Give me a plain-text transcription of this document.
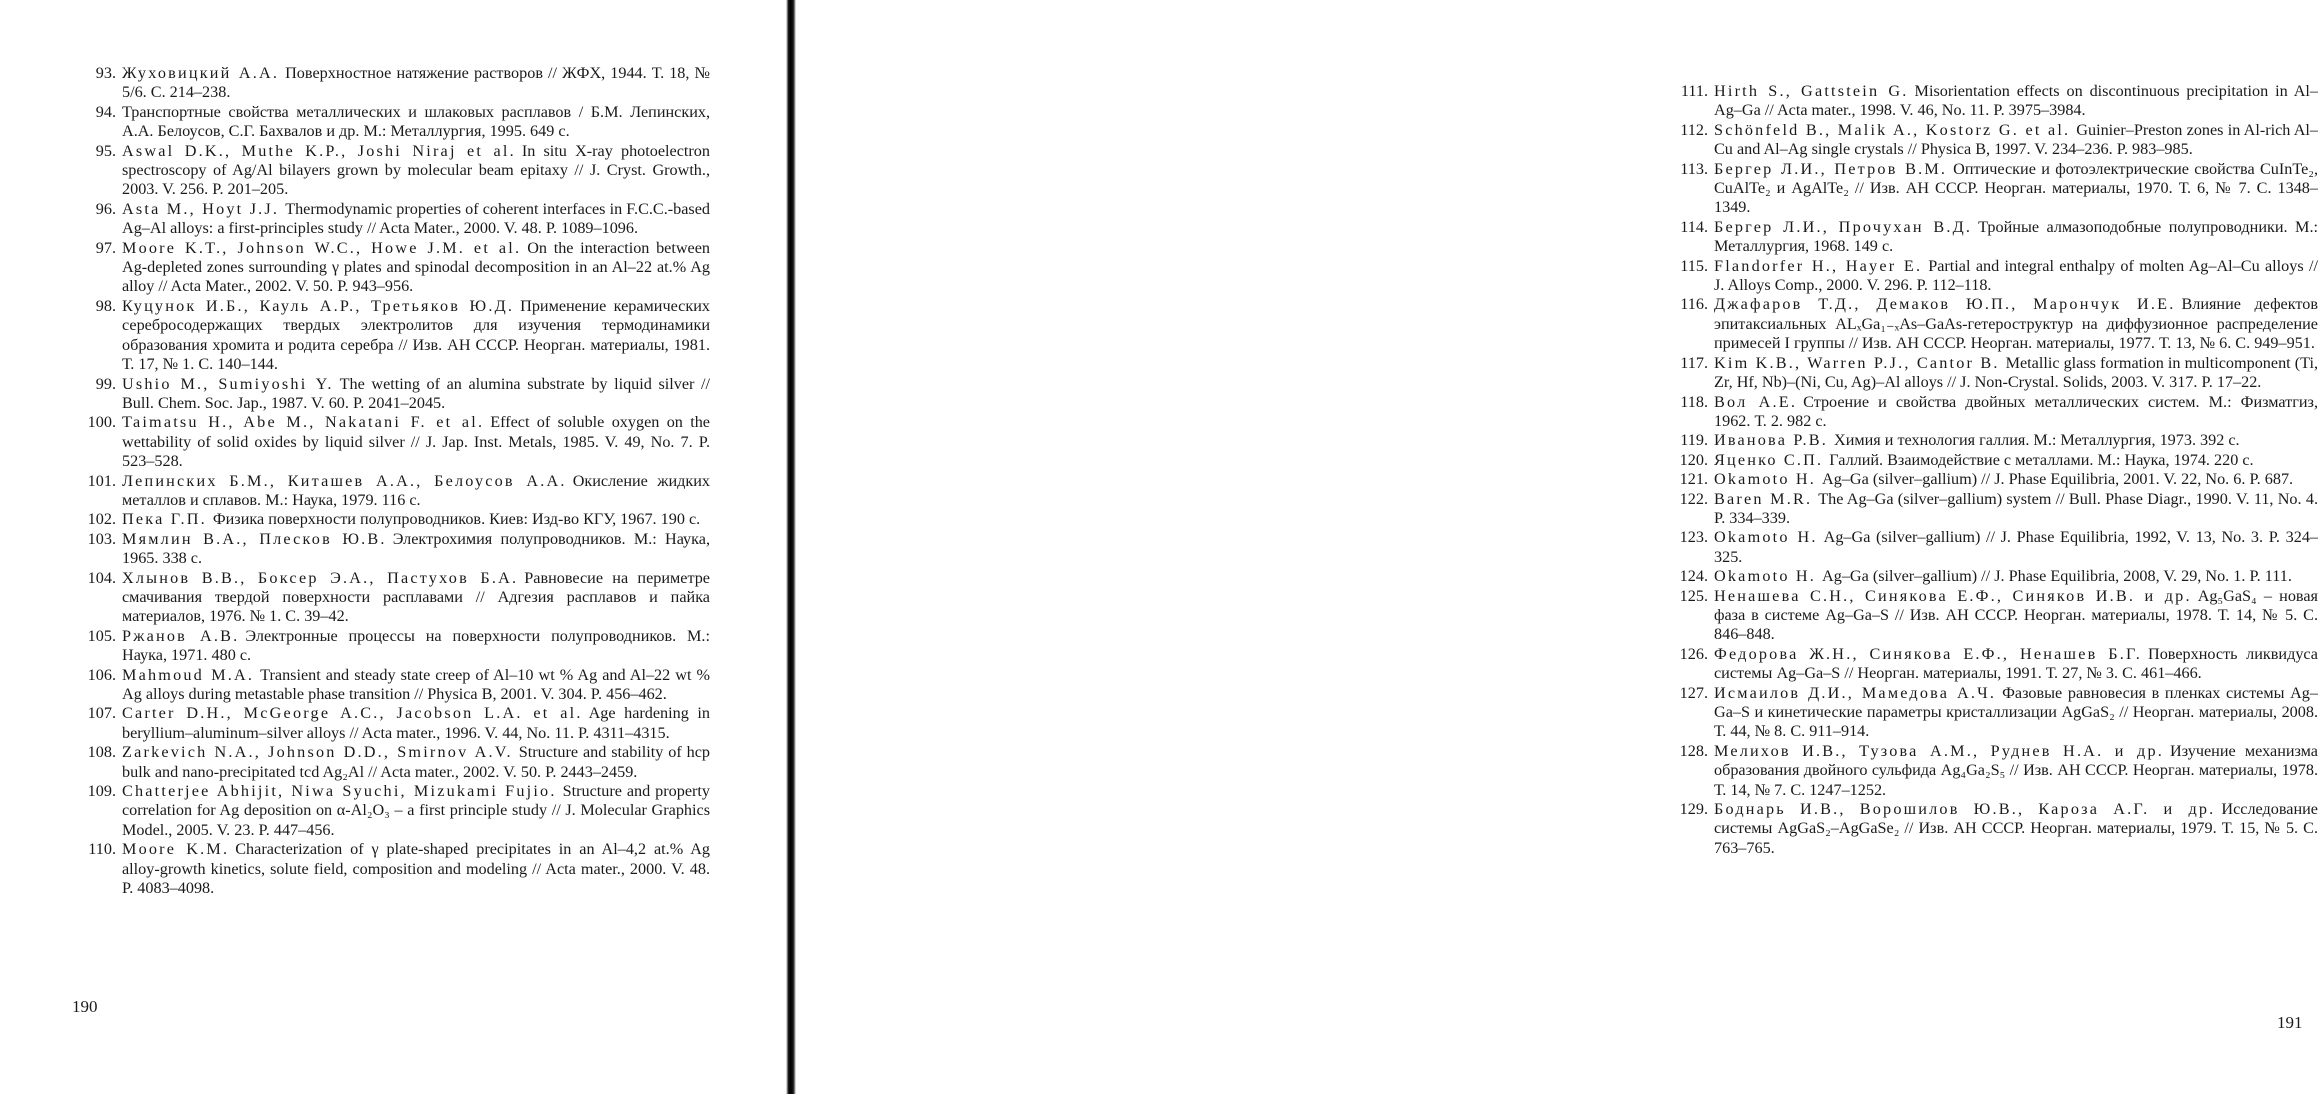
93. Жуховицкий А.А. Поверхностное натяжение растворов // ЖФХ, 1944. Т. 18, № 5/6. С. 214–238.
94. Транспортные свойства металлических и шлаковых расплавов / Б.М. Лепинских, А.А. Белоусов, С.Г. Бахвалов и др. М.: Металлургия, 1995. 649 с.
95. Aswal D.K., Muthe K.P., Joshi Niraj et al. In situ X-ray photoelectron spectroscopy of Ag/Al bilayers grown by molecular beam epitaxy // J. Cryst. Growth., 2003. V. 256. P. 201–205.
96. Asta M., Hoyt J.J. Thermodynamic properties of coherent interfaces in F.C.C.-based Ag–Al alloys: a first-principles study // Acta Mater., 2000. V. 48. P. 1089–1096.
97. Moore K.T., Johnson W.C., Howe J.M. et al. On the interaction between Ag-depleted zones surrounding γ plates and spinodal decomposition in an Al–22 at.% Ag alloy // Acta Mater., 2002. V. 50. P. 943–956.
98. Куцунок И.Б., Кауль А.Р., Третьяков Ю.Д. Применение керамических серебросодержащих твердых электролитов для изучения термодинамики образования хромита и родита серебра // Изв. АН СССР. Неорган. материалы, 1981. Т. 17, № 1. С. 140–144.
99. Ushio M., Sumiyoshi Y. The wetting of an alumina substrate by liquid silver // Bull. Chem. Soc. Jap., 1987. V. 60. P. 2041–2045.
100. Taimatsu H., Abe M., Nakatani F. et al. Effect of soluble oxygen on the wettability of solid oxides by liquid silver // J. Jap. Inst. Metals, 1985. V. 49, No. 7. P. 523–528.
101. Лепинских Б.М., Киташев А.А., Белоусов А.А. Окисление жидких металлов и сплавов. М.: Наука, 1979. 116 с.
102. Пека Г.П. Физика поверхности полупроводников. Киев: Изд-во КГУ, 1967. 190 с.
103. Мямлин В.А., Плесков Ю.В. Электрохимия полупроводников. М.: Наука, 1965. 338 с.
104. Хлынов В.В., Боксер Э.А., Пастухов Б.А. Равновесие на периметре смачивания твердой поверхности расплавами // Адгезия расплавов и пайка материалов, 1976. № 1. С. 39–42.
105. Ржанов А.В. Электронные процессы на поверхности полупроводников. М.: Наука, 1971. 480 с.
106. Mahmoud M.A. Transient and steady state creep of Al–10 wt % Ag and Al–22 wt % Ag alloys during metastable phase transition // Physica B, 2001. V. 304. P. 456–462.
107. Carter D.H., McGeorge A.C., Jacobson L.A. et al. Age hardening in beryllium–aluminum–silver alloys // Acta mater., 1996. V. 44, No. 11. P. 4311–4315.
108. Zarkevich N.A., Johnson D.D., Smirnov A.V. Structure and stability of hcp bulk and nano-precipitated tcd Ag₂Al // Acta mater., 2002. V. 50. P. 2443–2459.
109. Chatterjee Abhijit, Niwa Syuchi, Mizukami Fujio. Structure and property correlation for Ag deposition on α-Al₂O₃ – a first principle study // J. Molecular Graphics Model., 2005. V. 23. P. 447–456.
110. Moore K.M. Characterization of γ plate-shaped precipitates in an Al–4,2 at.% Ag alloy-growth kinetics, solute field, composition and modeling // Acta mater., 2000. V. 48. P. 4083–4098.
190
111. Hirth S., Gattstein G. Misorientation effects on discontinuous precipitation in Al–Ag–Ga // Acta mater., 1998. V. 46, No. 11. P. 3975–3984.
112. Schönfeld B., Malik A., Kostorz G. et al. Guinier–Preston zones in Al-rich Al–Cu and Al–Ag single crystals // Physica B, 1997. V. 234–236. P. 983–985.
113. Бергер Л.И., Петров В.М. Оптические и фотоэлектрические свойства CuInTe₂, CuAlTe₂ и AgAlTe₂ // Изв. АН СССР. Неорган. материалы, 1970. Т. 6, № 7. С. 1348–1349.
114. Бергер Л.И., Прочухан В.Д. Тройные алмазоподобные полупроводники. М.: Металлургия, 1968. 149 с.
115. Flandorfer H., Hayer E. Partial and integral enthalpy of molten Ag–Al–Cu alloys // J. Alloys Comp., 2000. V. 296. P. 112–118.
116. Джафаров Т.Д., Демаков Ю.П., Мaрончук И.Е. Влияние дефектов эпитаксиальных ALₓGa₁₋ₓAs–GaAs-гетероструктур на диффузионное распределение примесей I группы // Изв. АН СССР. Неорган. материалы, 1977. Т. 13, № 6. С. 949–951.
117. Kim K.B., Warren P.J., Cantor B. Metallic glass formation in multicomponent (Ti, Zr, Hf, Nb)–(Ni, Cu, Ag)–Al alloys // J. Non-Crystal. Solids, 2003. V. 317. P. 17–22.
118. Вол А.Е. Строение и свойства двойных металлических систем. М.: Физматгиз, 1962. Т. 2. 982 с.
119. Иванова Р.В. Химия и технология галлия. М.: Металлургия, 1973. 392 с.
120. Яценко С.П. Галлий. Взаимодействие с металлами. М.: Наука, 1974. 220 с.
121. Okamoto H. Ag–Ga (silver–gallium) // J. Phase Equilibria, 2001. V. 22, No. 6. P. 687.
122. Baren M.R. The Ag–Ga (silver–gallium) system // Bull. Phase Diagr., 1990. V. 11, No. 4. P. 334–339.
123. Okamoto H. Ag–Ga (silver–gallium) // J. Phase Equilibria, 1992, V. 13, No. 3. P. 324–325.
124. Okamoto H. Ag–Ga (silver–gallium) // J. Phase Equilibria, 2008, V. 29, No. 1. P. 111.
125. Ненашева С.Н., Синякова Е.Ф., Синяков И.В. и др. Ag₅GaS₄ – новая фаза в системе Ag–Ga–S // Изв. АН СССР. Неорган. материалы, 1978. Т. 14, № 5. С. 846–848.
126. Федорова Ж.Н., Синякова Е.Ф., Ненашев Б.Г. Поверхность ликвидуса системы Ag–Ga–S // Неорган. материалы, 1991. Т. 27, № 3. С. 461–466.
127. Исмаилов Д.И., Мамедова А.Ч. Фазовые равновесия в пленках системы Ag–Ga–S и кинетические параметры кристаллизации AgGaS₂ // Неорган. материалы, 2008. Т. 44, № 8. С. 911–914.
128. Мелихов И.В., Тузова А.М., Руднев Н.А. и др. Изучение механизма образования двойного сульфида Ag₄Ga₂S₅ // Изв. АН СССР. Неорган. материалы, 1978. Т. 14, № 7. С. 1247–1252.
129. Боднарь И.В., Ворошилов Ю.В., Кароза А.Г. и др. Исследование системы AgGaS₂–AgGaSe₂ // Изв. АН СССР. Неорган. материалы, 1979. Т. 15, № 5. С. 763–765.
191
